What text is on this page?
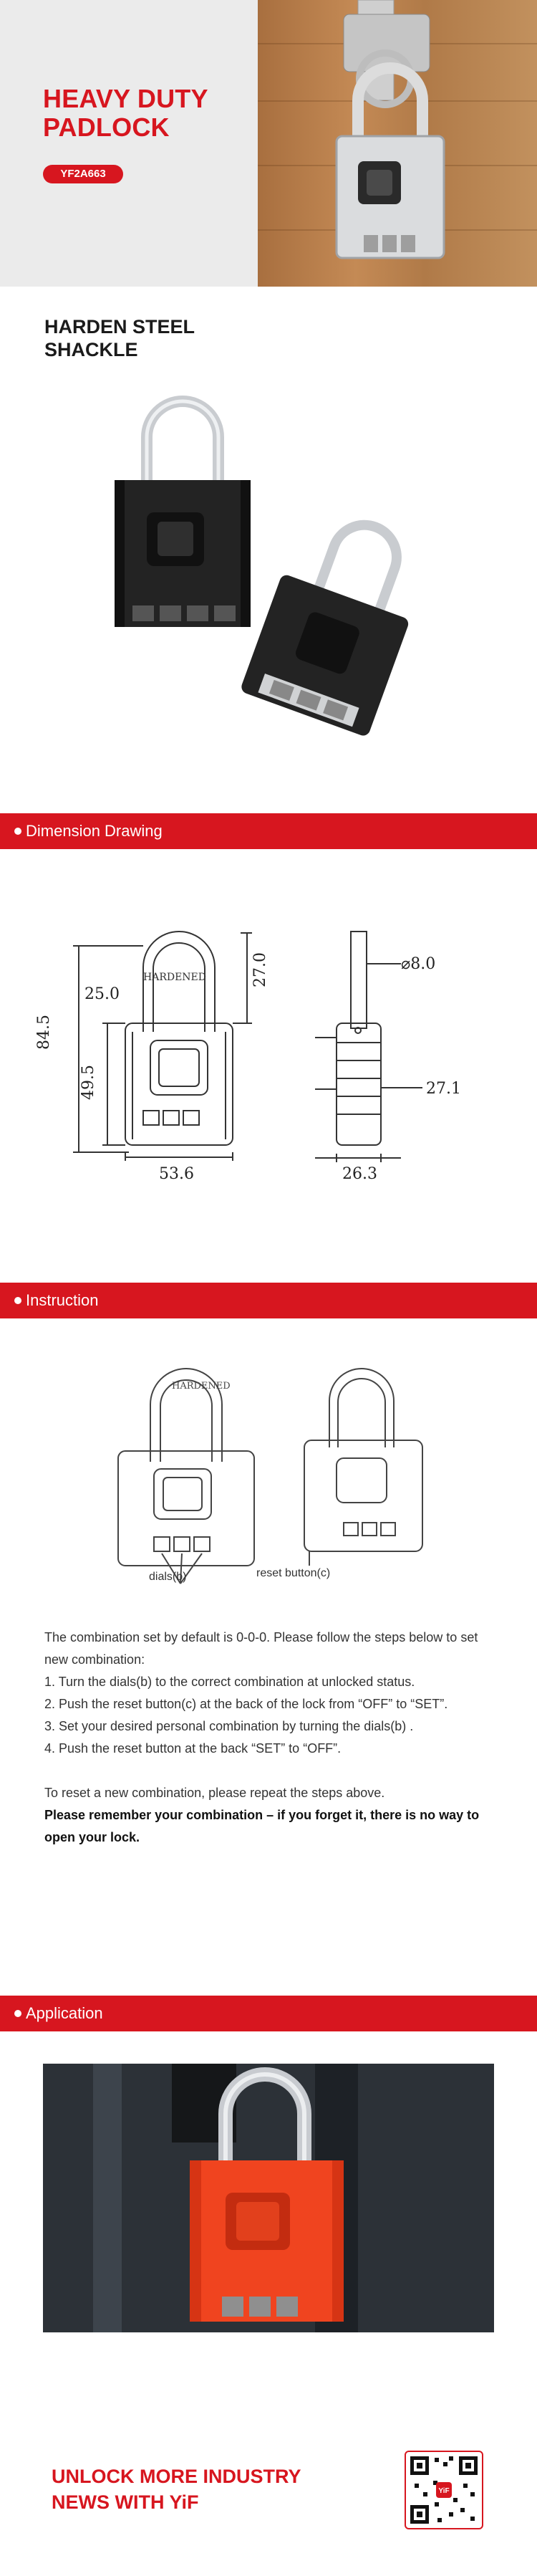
HEAVY DUTY
PADLOCK
YF2A663
HARDEN STEEL
SHACKLE
Dimension Drawing
HARDENED
84.5
25.0
27.0
49.5
53.6
⌀8.0
27.1
26.3
Instruction
HARDENED
dials(b)	reset button(c)

The combination set by default is 0-0-0. Please follow the steps below to set new combination:

1. Turn the dials(b) to the correct combination at unlocked status.

2. Push the reset button(c) at the back of the lock from “OFF” to “SET”.

3. Set your desired personal combination by turning the dials(b) .

4. Push the reset button at the back “SET” to “OFF”.

To reset a new combination, please repeat the steps above.

Please remember your combination – if you forget it, there is no way to open your lock.

Application
UNLOCK MORE INDUSTRY
NEWS WITH YiF
YiF
